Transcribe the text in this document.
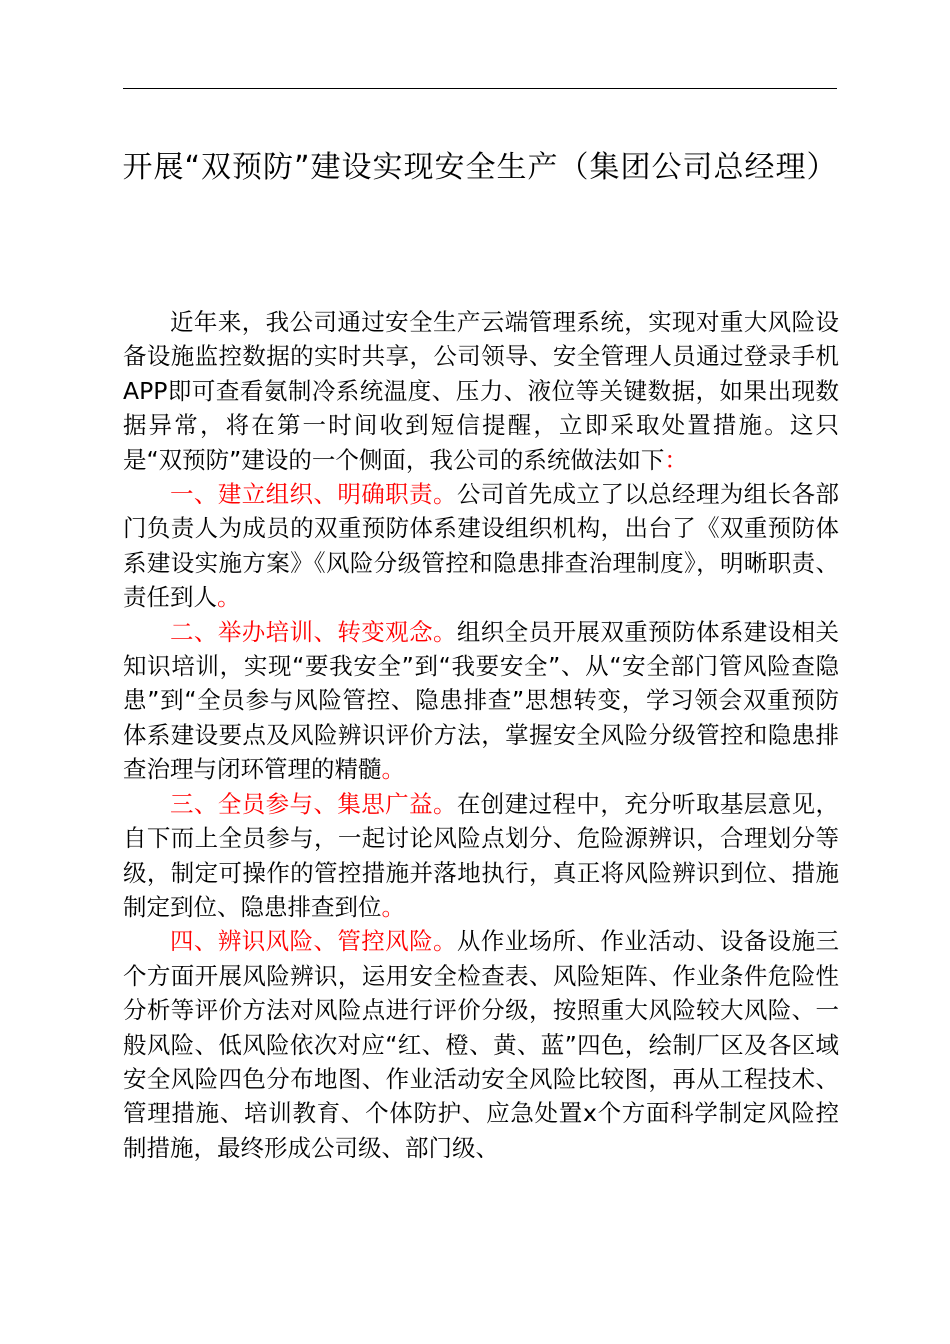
开展“双预防”建设实现安全生产（集团公司总经理）

近年来，我公司通过安全生产云端管理系统，实现对重大风险设备设施监控数据的实时共享，公司领导、安全管理人员通过登录手机APP即可查看氨制冷系统温度、压力、液位等关键数据，如果出现数据异常，将在第一时间收到短信提醒，立即采取处置措施。这只是“双预防”建设的一个侧面，我公司的系统做法如下：

一、建立组织、明确职责。公司首先成立了以总经理为组长各部门负责人为成员的双重预防体系建设组织机构，出台了《双重预防体系建设实施方案》《风险分级管控和隐患排查治理制度》，明晰职责、责任到人。

二、举办培训、转变观念。组织全员开展双重预防体系建设相关知识培训，实现“要我安全”到“我要安全”、从“安全部门管风险查隐患”到“全员参与风险管控、隐患排查”思想转变，学习领会双重预防体系建设要点及风险辨识评价方法，掌握安全风险分级管控和隐患排查治理与闭环管理的精髓。

三、全员参与、集思广益。在创建过程中，充分听取基层意见，自下而上全员参与，一起讨论风险点划分、危险源辨识，合理划分等级，制定可操作的管控措施并落地执行，真正将风险辨识到位、措施制定到位、隐患排查到位。

四、辨识风险、管控风险。从作业场所、作业活动、设备设施三个方面开展风险辨识，运用安全检查表、风险矩阵、作业条件危险性分析等评价方法对风险点进行评价分级，按照重大风险较大风险、一般风险、低风险依次对应“红、橙、黄、蓝”四色，绘制厂区及各区域安全风险四色分布地图、作业活动安全风险比较图，再从工程技术、管理措施、培训教育、个体防护、应急处置x个方面科学制定风险控制措施，最终形成公司级、部门级、
